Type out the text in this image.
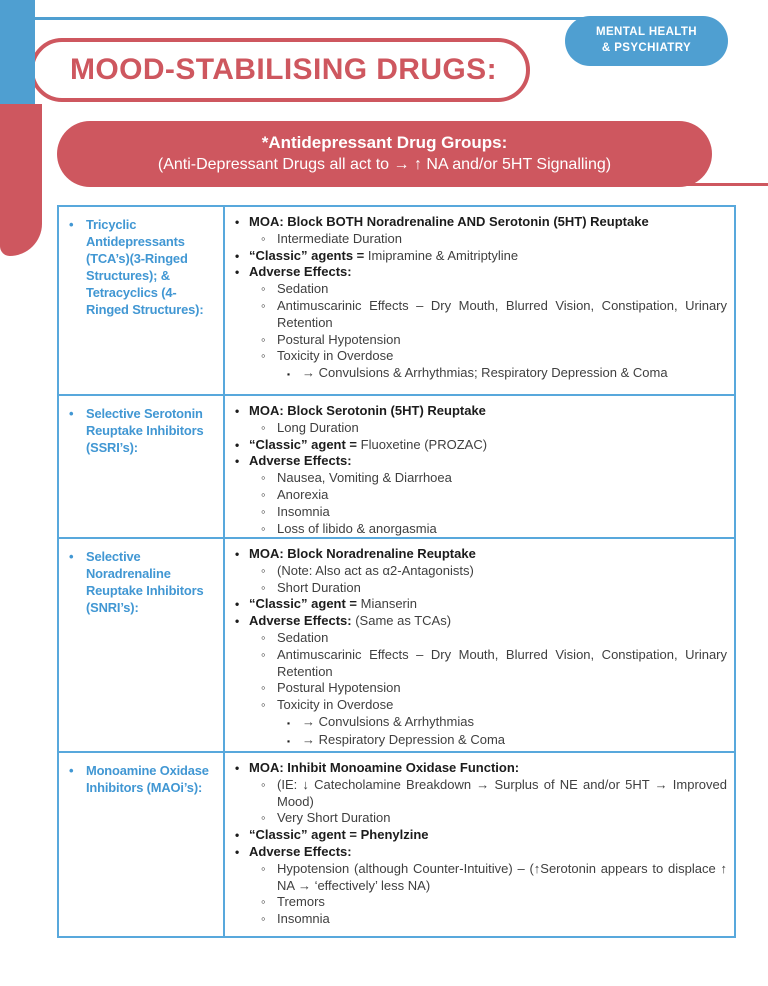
MOOD-STABILISING DRUGS:
MENTAL HEALTH
& PSYCHIATRY
*Antidepressant Drug Groups:
(Anti-Depressant Drugs all act to → ↑ NA and/or 5HT Signalling)
• Tricyclic Antidepressants (TCA’s)(3-Ringed Structures); & Tetracyclics (4-Ringed Structures):
• MOA: Block BOTH Noradrenaline AND Serotonin (5HT) Reuptake
◦ Intermediate Duration
• “Classic” agents = Imipramine & Amitriptyline
• Adverse Effects:
◦ Sedation
◦ Antimuscarinic Effects – Dry Mouth, Blurred Vision, Constipation, Urinary Retention
◦ Postural Hypotension
◦ Toxicity in Overdose
▪ → Convulsions & Arrhythmias; Respiratory Depression & Coma
• Selective Serotonin Reuptake Inhibitors (SSRI’s):
• MOA: Block Serotonin (5HT) Reuptake
◦ Long Duration
• “Classic” agent = Fluoxetine (PROZAC)
• Adverse Effects:
◦ Nausea, Vomiting & Diarrhoea
◦ Anorexia
◦ Insomnia
◦ Loss of libido & anorgasmia
• Selective Noradrenaline Reuptake Inhibitors (SNRI’s):
• MOA: Block Noradrenaline Reuptake
◦ (Note: Also act as α2-Antagonists)
◦ Short Duration
• “Classic” agent = Mianserin
• Adverse Effects: (Same as TCAs)
◦ Sedation
◦ Antimuscarinic Effects – Dry Mouth, Blurred Vision, Constipation, Urinary Retention
◦ Postural Hypotension
◦ Toxicity in Overdose
▪ → Convulsions & Arrhythmias
▪ → Respiratory Depression & Coma
• Monoamine Oxidase Inhibitors (MAOi’s):
• MOA: Inhibit Monoamine Oxidase Function:
◦ (IE: ↓ Catecholamine Breakdown → Surplus of NE and/or 5HT → Improved Mood)
◦ Very Short Duration
• “Classic” agent = Phenylzine
• Adverse Effects:
◦ Hypotension (although Counter-Intuitive) – (↑Serotonin appears to displace ↑ NA → ‘effectively’ less NA)
◦ Tremors
◦ Insomnia
